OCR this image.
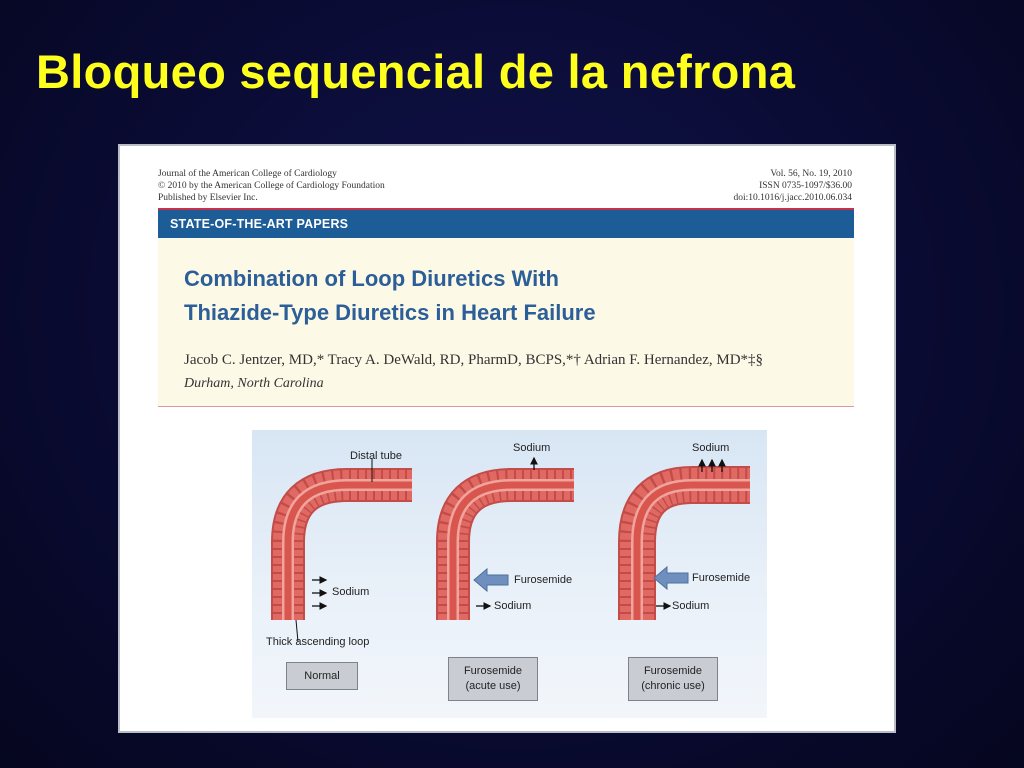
Bloqueo sequencial de la nefrona
Journal of the American College of Cardiology
© 2010 by the American College of Cardiology Foundation
Published by Elsevier Inc.
Vol. 56, No. 19, 2010
ISSN 0735-1097/$36.00
doi:10.1016/j.jacc.2010.06.034
STATE-OF-THE-ART PAPERS
Combination of Loop Diuretics With
Thiazide-Type Diuretics in Heart Failure
Jacob C. Jentzer, MD,* Tracy A. DeWald, RD, PharmD, BCPS,*† Adrian F. Hernandez, MD*‡§
Durham, North Carolina
Distal tube
Thick ascending loop
Sodium
Sodium
Furosemide
Sodium
Sodium
Furosemide
Sodium
Normal	Furosemide
(acute use)
Furosemide
(chronic use)
